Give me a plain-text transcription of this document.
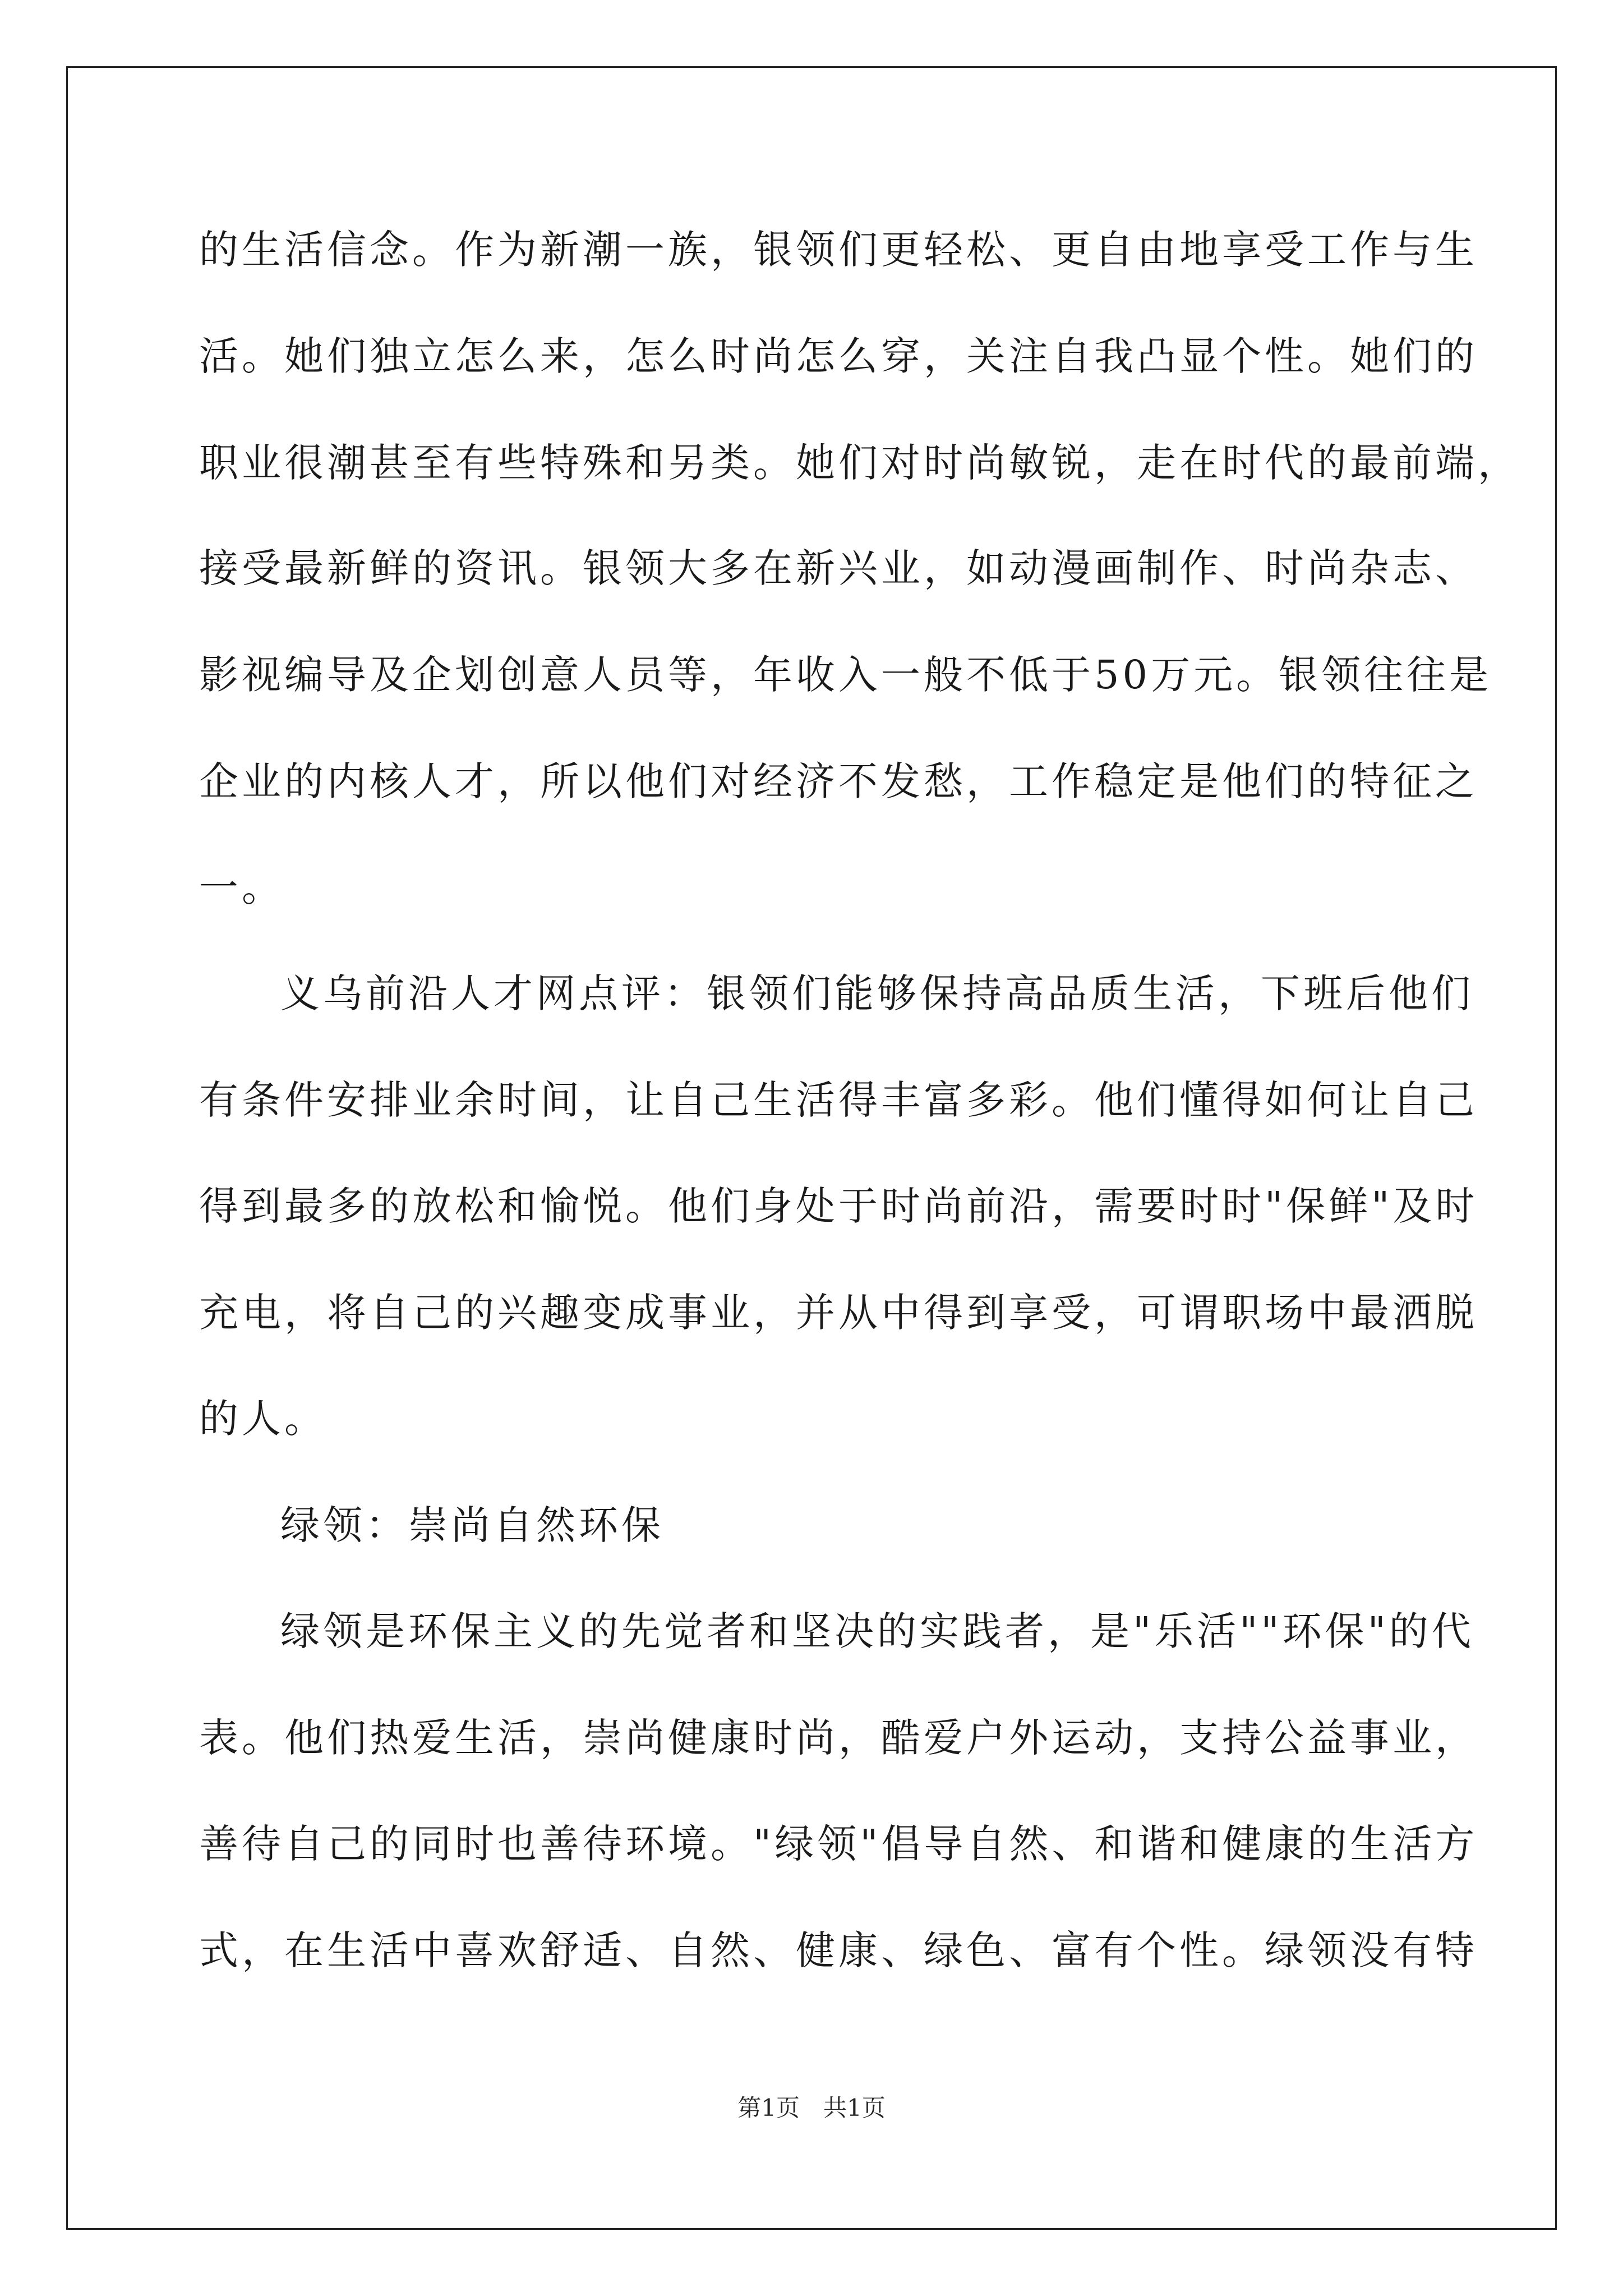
的生活信念。作为新潮一族，银领们更轻松、更自由地享受工作与生
活。她们独立怎么来，怎么时尚怎么穿，关注自我凸显个性。她们的
职业很潮甚至有些特殊和另类。她们对时尚敏锐，走在时代的最前端，
接受最新鲜的资讯。银领大多在新兴业，如动漫画制作、时尚杂志、
影视编导及企划创意人员等，年收入一般不低于50万元。银领往往是
企业的内核人才，所以他们对经济不发愁，工作稳定是他们的特征之
一。
义乌前沿人才网点评：银领们能够保持高品质生活，下班后他们
有条件安排业余时间，让自己生活得丰富多彩。他们懂得如何让自己
得到最多的放松和愉悦。他们身处于时尚前沿，需要时时"保鲜"及时
充电，将自己的兴趣变成事业，并从中得到享受，可谓职场中最洒脱
的人。
绿领：崇尚自然环保
绿领是环保主义的先觉者和坚决的实践者，是"乐活""环保"的代
表。他们热爱生活，崇尚健康时尚，酷爱户外运动，支持公益事业，
善待自己的同时也善待环境。"绿领"倡导自然、和谐和健康的生活方
式，在生活中喜欢舒适、自然、健康、绿色、富有个性。绿领没有特
第1页　共1页
